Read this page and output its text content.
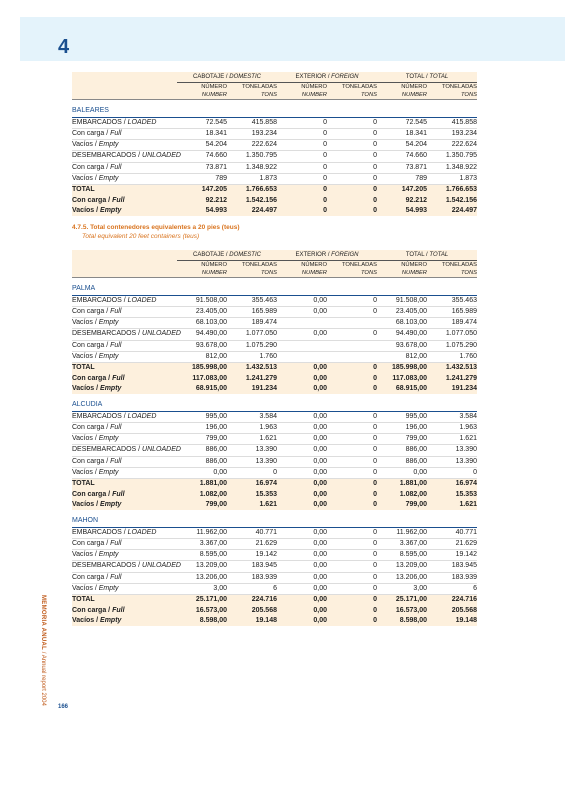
4
	CABOTAJE / DOMESTIC		EXTERIOR / FOREIGN		TOTAL / TOTAL	
	NÚMERO	TONELADAS	NÚMERO	TONELADAS	NÚMERO	TONELADAS
	NUMBER	TONS	NUMBER	TONS	NUMBER	TONS
BALEARES						
EMBARCADOS / LOADED	72.545	415.858	0	0	72.545	415.858
Con carga / Full	18.341	193.234	0	0	18.341	193.234
Vacíos / Empty	54.204	222.624	0	0	54.204	222.624
DESEMBARCADOS / UNLOADED	74.660	1.350.795	0	0	74.660	1.350.795
Con carga / Full	73.871	1.348.922	0	0	73.871	1.348.922
Vacíos / Empty	789	1.873	0	0	789	1.873
TOTAL	147.205	1.766.653	0	0	147.205	1.766.653
Con carga / Full	92.212	1.542.156	0	0	92.212	1.542.156
Vacíos / Empty	54.993	224.497	0	0	54.993	224.497
4.7.5. Total contenedores equivalentes a 20 pies (teus)
Total equivalent 20 feet containers (teus)
	CABOTAJE / DOMESTIC		EXTERIOR / FOREIGN		TOTAL / TOTAL	
	NÚMERO	TONELADAS	NÚMERO	TONELADAS	NÚMERO	TONELADAS
	NUMBER	TONS	NUMBER	TONS	NUMBER	TONS
PALMA						
EMBARCADOS / LOADED	91.508,00	355.463	0,00	0	91.508,00	355.463
Con carga / Full	23.405,00	165.989	0,00	0	23.405,00	165.989
Vacíos / Empty	68.103,00	189.474			68.103,00	189.474
DESEMBARCADOS / UNLOADED	94.490,00	1.077.050	0,00	0	94.490,00	1.077.050
Con carga / Full	93.678,00	1.075.290			93.678,00	1.075.290
Vacíos / Empty	812,00	1.760			812,00	1.760
TOTAL	185.998,00	1.432.513	0,00	0	185.998,00	1.432.513
Con carga / Full	117.083,00	1.241.279	0,00	0	117.083,00	1.241.279
Vacíos / Empty	68.915,00	191.234	0,00	0	68.915,00	191.234
ALCUDIA						
EMBARCADOS / LOADED	995,00	3.584	0,00	0	995,00	3.584
Con carga / Full	196,00	1.963	0,00	0	196,00	1.963
Vacíos / Empty	799,00	1.621	0,00	0	799,00	1.621
DESEMBARCADOS / UNLOADED	886,00	13.390	0,00	0	886,00	13.390
Con carga / Full	886,00	13.390	0,00	0	886,00	13.390
Vacíos / Empty	0,00	0	0,00	0	0,00	0
TOTAL	1.881,00	16.974	0,00	0	1.881,00	16.974
Con carga / Full	1.082,00	15.353	0,00	0	1.082,00	15.353
Vacíos / Empty	799,00	1.621	0,00	0	799,00	1.621
MAHON						
EMBARCADOS / LOADED	11.962,00	40.771	0,00	0	11.962,00	40.771
Con carga / Full	3.367,00	21.629	0,00	0	3.367,00	21.629
Vacíos / Empty	8.595,00	19.142	0,00	0	8.595,00	19.142
DESEMBARCADOS / UNLOADED	13.209,00	183.945	0,00	0	13.209,00	183.945
Con carga / Full	13.206,00	183.939	0,00	0	13.206,00	183.939
Vacíos / Empty	3,00	6	0,00	0	3,00	6
TOTAL	25.171,00	224.716	0,00	0	25.171,00	224.716
Con carga / Full	16.573,00	205.568	0,00	0	16.573,00	205.568
Vacíos / Empty	8.598,00	19.148	0,00	0	8.598,00	19.148
MEMORIA ANUAL / Annual report 2004
166
